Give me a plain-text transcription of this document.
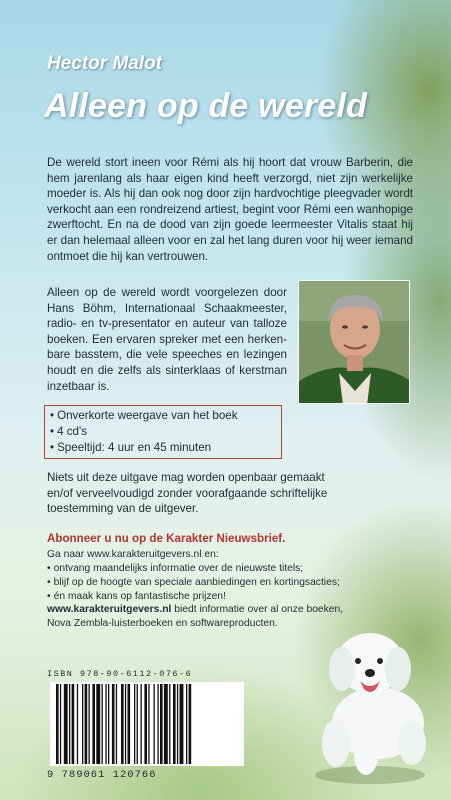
Hector Malot
Alleen op de wereld

De wereld stort ineen voor Rémi als hij hoort dat vrouw Barberin, die hem jarenlang als haar eigen kind heeft verzorgd, niet zijn werkelijke moeder is. Als hij dan ook nog door zijn hardvochtige pleegvader wordt verkocht aan een rondreizend artiest, begint voor Rémi een wanhopige zwerftocht. En na de dood van zijn goede leermeester Vitalis staat hij er dan helemaal alleen voor en zal het lang duren voor hij weer iemand ontmoet die hij kan vertrouwen.

Alleen op de wereld wordt voorgelezen door Hans Böhm, Internationaal Schaakmeester, radio- en tv-presentator en auteur van talloze boeken. Een ervaren spreker met een herken-bare basstem, die vele speeches en lezingen houdt en die zelfs als sinterklaas of kerstman inzetbaar is.

• Onverkorte weergave van het boek
• 4 cd's
• Speeltijd: 4 uur en 45 minuten

Niets uit deze uitgave mag worden openbaar gemaakt en/of verveelvoudigd zonder voorafgaande schriftelijke toestemming van de uitgever.

Abonneer u nu op de Karakter Nieuwsbrief.

Ga naar www.karakteruitgevers.nl en:

• ontvang maandelijks informatie over de nieuwste titels;
• blijf op de hoogte van speciale aanbiedingen en kortingsacties;
• én maak kans op fantastische prijzen!

www.karakteruitgevers.nl biedt informatie over al onze boeken, Nova Zembla-luisterboeken en softwareproducten.

ISBN 978-90-6112-076-6

9 789061 120766
